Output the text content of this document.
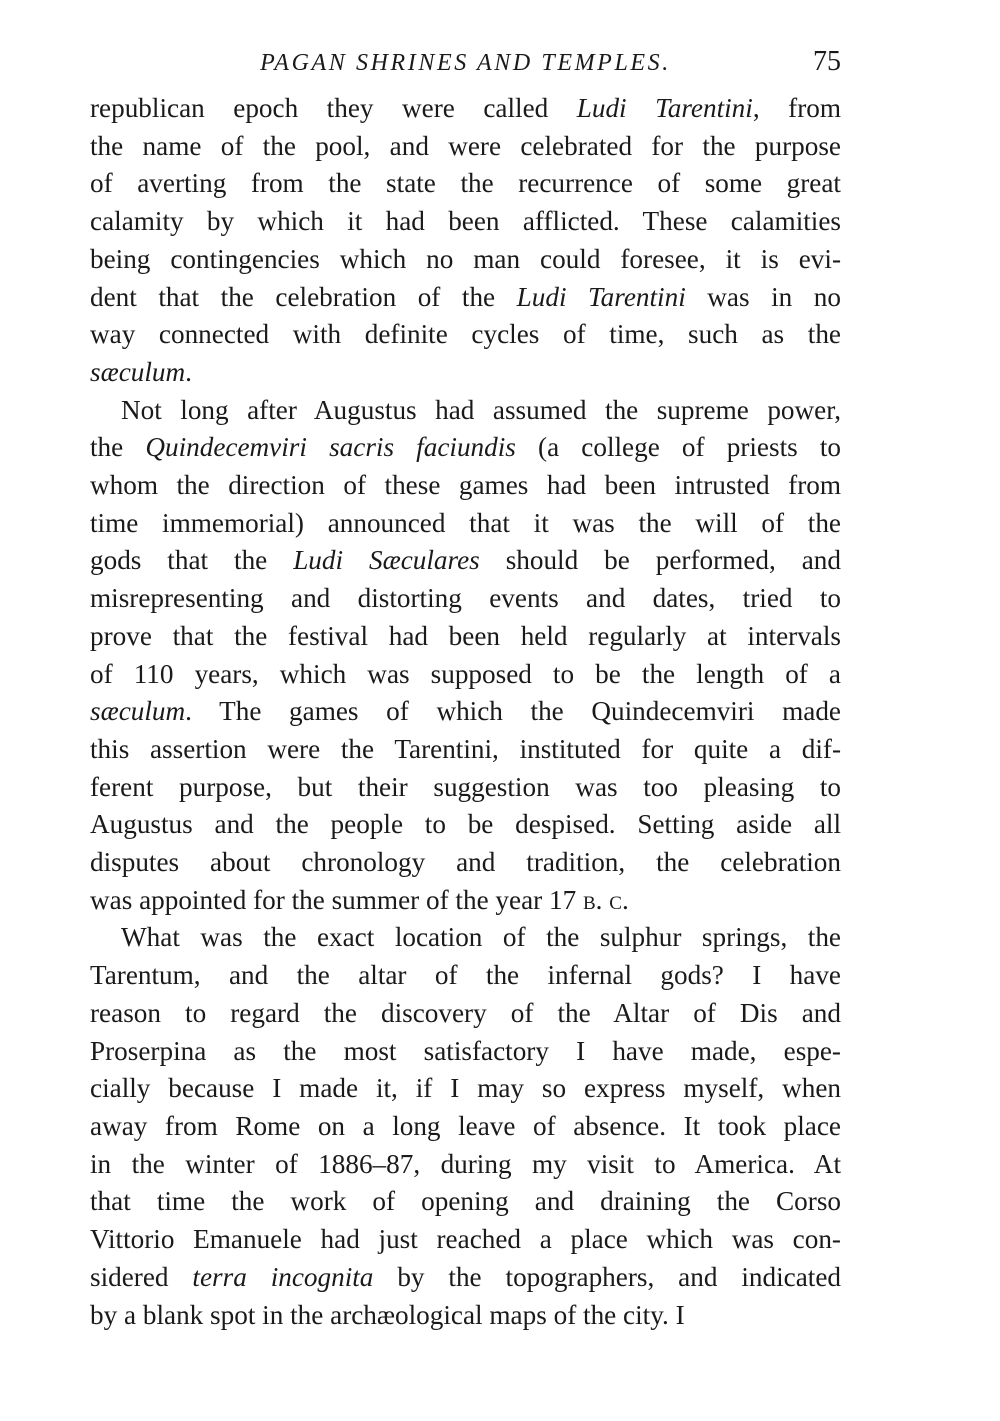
PAGAN SHRINES AND TEMPLES.	75

republican epoch they were called Ludi Tarentini, from
the name of the pool, and were celebrated for the purpose
of averting from the state the recurrence of some great
calamity by which it had been afflicted. These calamities
being contingencies which no man could foresee, it is evi-
dent that the celebration of the Ludi Tarentini was in no
way connected with definite cycles of time, such as the
sæculum.

Not long after Augustus had assumed the supreme power,
the Quindecemviri sacris faciundis (a college of priests to
whom the direction of these games had been intrusted from
time immemorial) announced that it was the will of the
gods that the Ludi Sæculares should be performed, and
misrepresenting and distorting events and dates, tried to
prove that the festival had been held regularly at intervals
of 110 years, which was supposed to be the length of a
sæculum. The games of which the Quindecemviri made
this assertion were the Tarentini, instituted for quite a dif-
ferent purpose, but their suggestion was too pleasing to
Augustus and the people to be despised. Setting aside all
disputes about chronology and tradition, the celebration
was appointed for the summer of the year 17 b. c.

What was the exact location of the sulphur springs, the
Tarentum, and the altar of the infernal gods? I have
reason to regard the discovery of the Altar of Dis and
Proserpina as the most satisfactory I have made, espe-
cially because I made it, if I may so express myself, when
away from Rome on a long leave of absence. It took place
in the winter of 1886–87, during my visit to America. At
that time the work of opening and draining the Corso
Vittorio Emanuele had just reached a place which was con-
sidered terra incognita by the topographers, and indicated
by a blank spot in the archæological maps of the city. I
